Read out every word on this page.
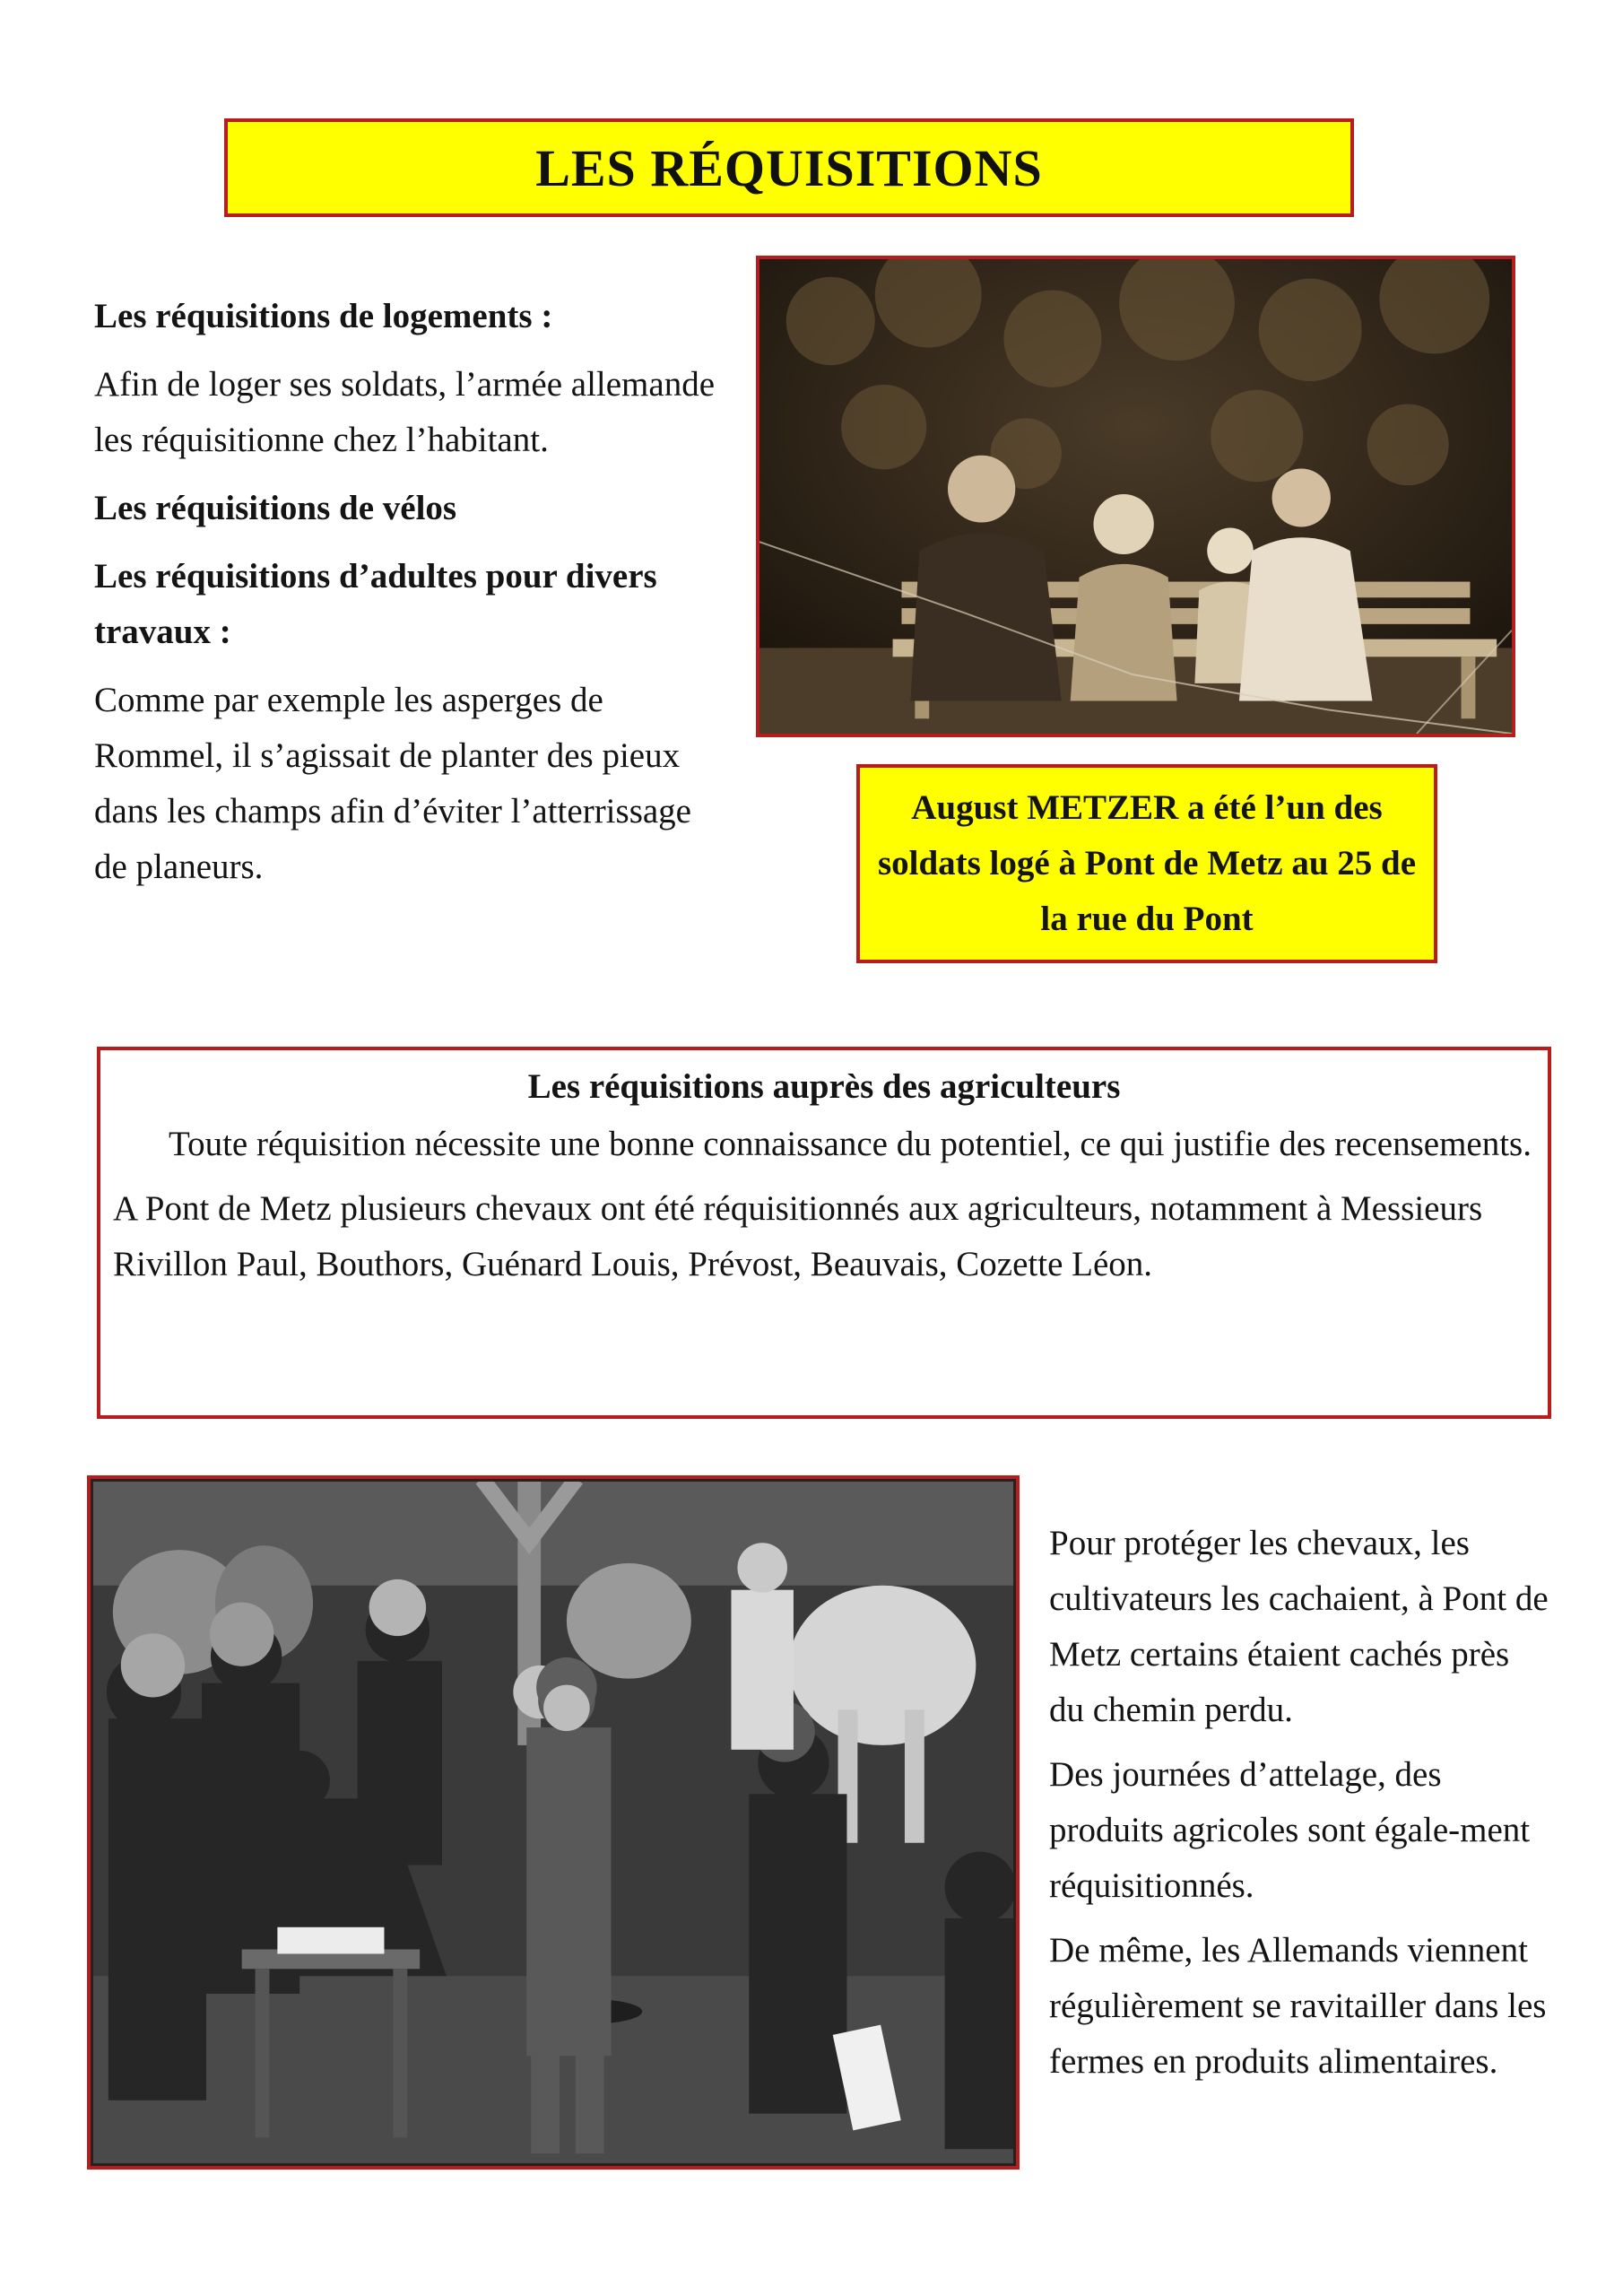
LES RÉQUISITIONS

Les réquisitions de logements :

Afin de loger ses soldats, l’armée allemande les réquisitionne chez l’habitant.

Les réquisitions de vélos

Les réquisitions d’adultes pour divers travaux :

Comme par exemple les asperges de Rommel, il s’agissait de planter des pieux dans les champs afin d’éviter l’atterrissage de planeurs.

August METZER a été l’un des soldats logé à Pont de Metz au 25 de la rue du Pont

Les réquisitions auprès des agriculteurs

Toute réquisition nécessite une bonne connaissance du potentiel, ce qui justifie des recensements.

A Pont de Metz plusieurs chevaux ont été réquisitionnés aux agriculteurs, notamment à Messieurs Rivillon Paul, Bouthors, Guénard Louis, Prévost, Beauvais, Cozette Léon.

Pour protéger les chevaux, les cultivateurs les cachaient, à Pont de Metz certains étaient cachés près du chemin perdu.

Des journées d’attelage, des produits agricoles sont égale-ment réquisitionnés.

De même, les Allemands viennent régulièrement se ravitailler dans les fermes en produits alimentaires.
